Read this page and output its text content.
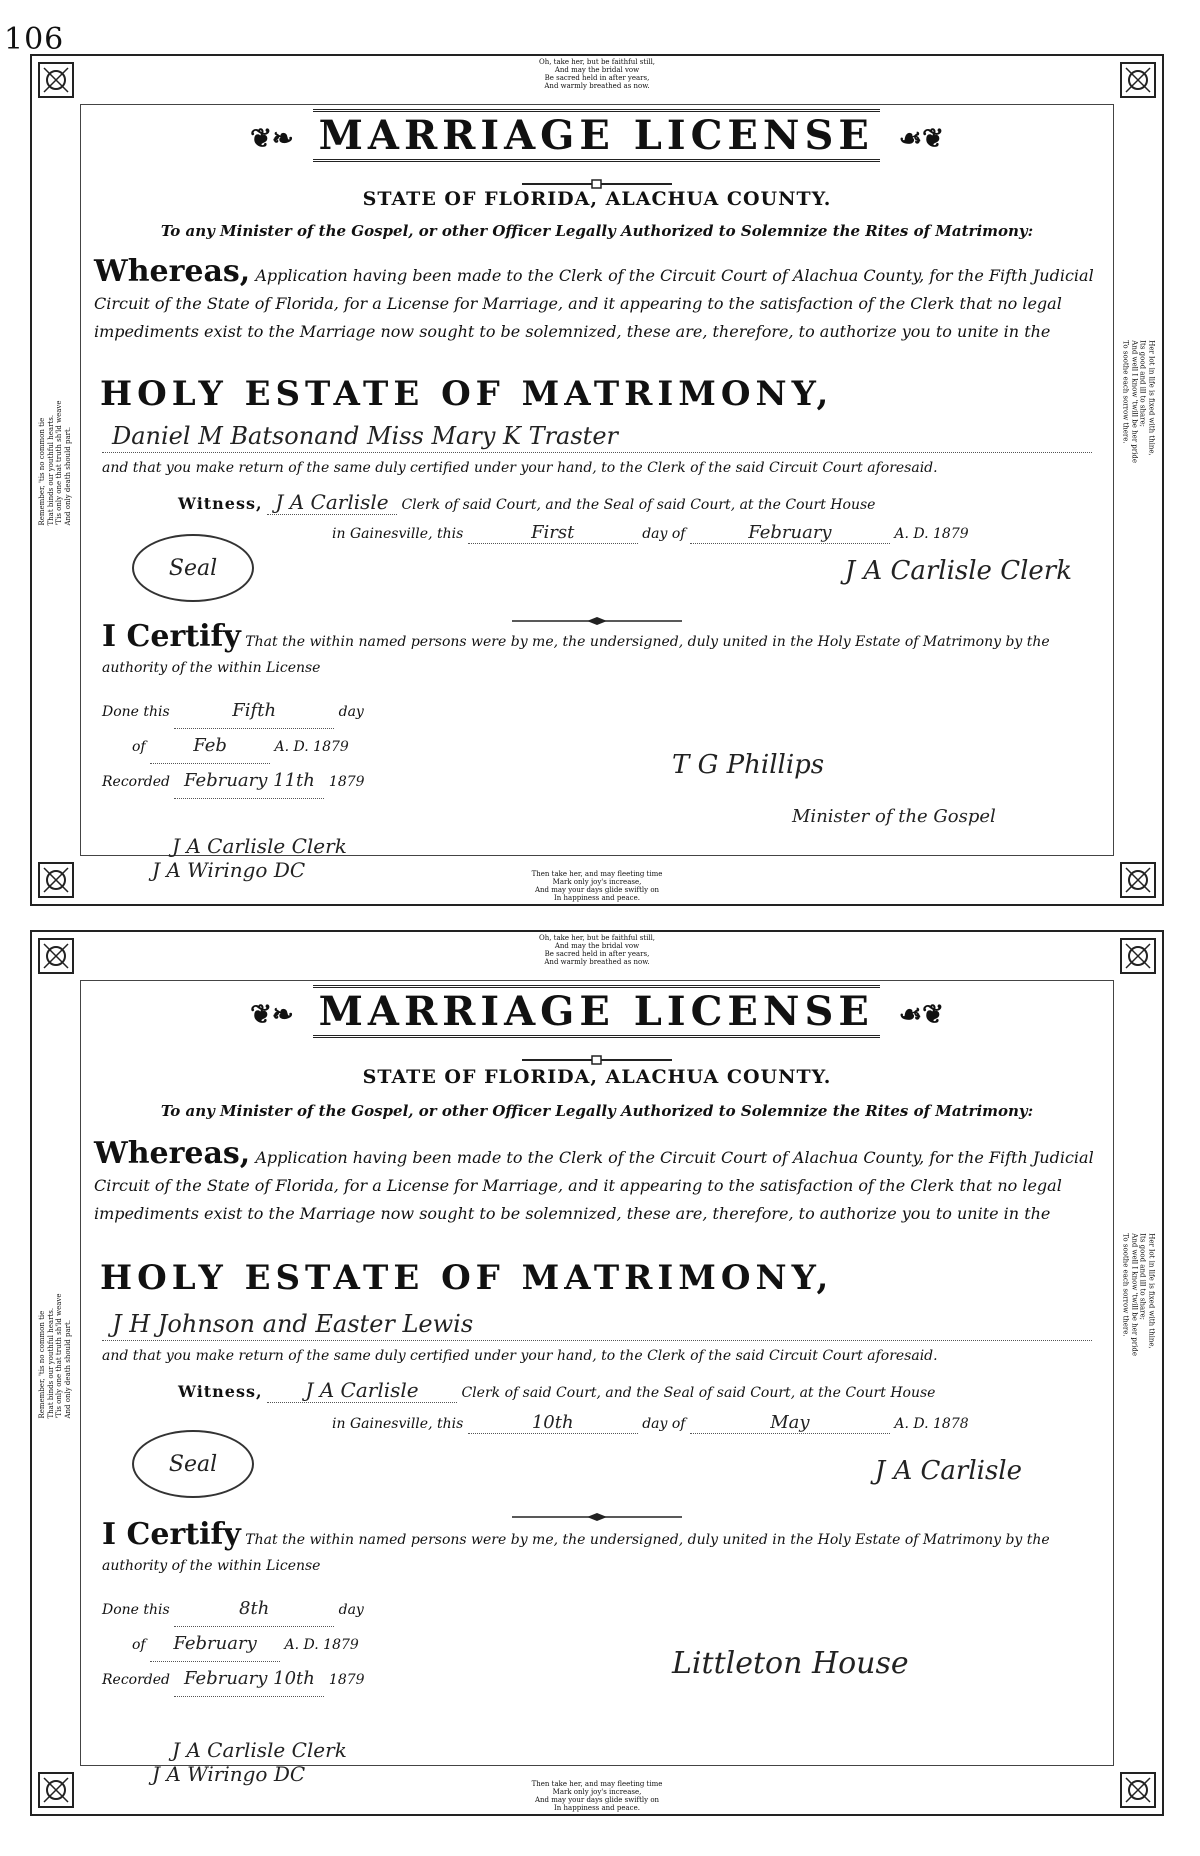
106
Oh, take her, but be faithful still,
And may the bridal vow
Be sacred held in after years,
And warmly breathed as now.
Then take her, and may fleeting time
Mark only joy's increase,
And may your days glide swiftly on
In happiness and peace.
Remember, 'tis no common tie That binds our youthful hearts. 'Tis only one that truth sh'ld weave And only death should part.
Her lot in life is fixed with thine,
Its good and ill to share;
And well I know 'twill be her pride
To soothe each sorrow there.
❦❧ MARRIAGE LICENSE ☙❦
STATE OF FLORIDA, ALACHUA COUNTY.
To any Minister of the Gospel, or other Officer Legally Authorized to Solemnize the Rites of Matrimony:
Whereas, Application having been made to the Clerk of the Circuit Court of Alachua County, for the Fifth Judicial Circuit of the State of Florida, for a License for Marriage, and it appearing to the satisfaction of the Clerk that no legal impediments exist to the Marriage now sought to be solemnized, these are, therefore, to authorize you to unite in the
HOLY ESTATE OF MATRIMONY,
Daniel M Batsonand Miss Mary K Traster
and that you make return of the same duly certified under your hand, to the Clerk of the said Circuit Court aforesaid.
Witness, J A Carlisle Clerk of said Court, and the Seal of said Court, at the Court House
in Gainesville, this	First	day of	February	A. D. 1879
Seal	J A Carlisle Clerk
I Certify That the within named persons were by me, the undersigned, duly united in the Holy Estate of Matrimony by the authority of the within License
Done this	Fifth	day
of	Feb	A. D. 1879
Recorded February 11th 1879
T G Phillips
Minister of the Gospel
J A Carlisle Clerk
J A Wiringo DC
Oh, take her, but be faithful still,
And may the bridal vow
Be sacred held in after years,
And warmly breathed as now.
Then take her, and may fleeting time
Mark only joy's increase,
And may your days glide swiftly on
In happiness and peace.
Remember, 'tis no common tie That binds our youthful hearts. 'Tis only one that truth sh'ld weave And only death should part.
Her lot in life is fixed with thine,
Its good and ill to share;
And well I know 'twill be her pride
To soothe each sorrow there.
❦❧ MARRIAGE LICENSE ☙❦
STATE OF FLORIDA, ALACHUA COUNTY.
To any Minister of the Gospel, or other Officer Legally Authorized to Solemnize the Rites of Matrimony:
Whereas, Application having been made to the Clerk of the Circuit Court of Alachua County, for the Fifth Judicial Circuit of the State of Florida, for a License for Marriage, and it appearing to the satisfaction of the Clerk that no legal impediments exist to the Marriage now sought to be solemnized, these are, therefore, to authorize you to unite in the
HOLY ESTATE OF MATRIMONY,
J H Johnson and Easter Lewis
and that you make return of the same duly certified under your hand, to the Clerk of the said Circuit Court aforesaid.
Witness, J A Carlisle	Clerk of said Court, and the Seal of said Court, at the Court House
in Gainesville, this	10th	day of	May	A. D. 1878
Seal	J A Carlisle
I Certify That the within named persons were by me, the undersigned, duly united in the Holy Estate of Matrimony by the authority of the within License
Done this	8th	day
of February A. D. 1879
Recorded February 10th 1879	Littleton House
J A Carlisle Clerk
J A Wiringo DC
